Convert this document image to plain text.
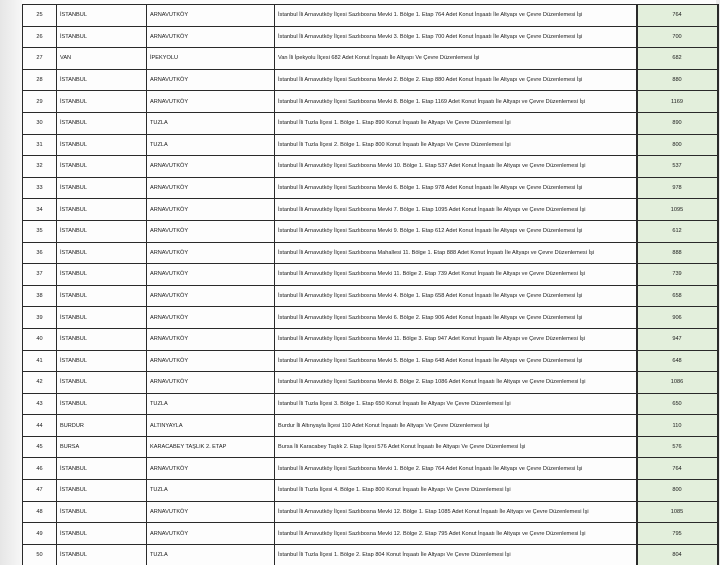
25	İSTANBUL	ARNAVUTKÖY	İstanbul İli Arnavutköy İlçesi Sazlıbosna Mevki 1. Bölge 1. Etap 764 Adet Konut İnşaatı İle Altyapı ve Çevre Düzenlemesi İşi	764
26	İSTANBUL	ARNAVUTKÖY	İstanbul İli Arnavutköy İlçesi Sazlıbosna Mevki 3. Bölge 1. Etap 700 Adet Konut İnşaatı İle Altyapı ve Çevre Düzenlemesi İşi	700
27	VAN	İPEKYOLU	Van İli İpekyolu İlçesi 682 Adet Konut İnşaatı İle Altyapı Ve Çevre Düzenlemesi İşi	682
28	İSTANBUL	ARNAVUTKÖY	İstanbul İli Arnavutköy İlçesi Sazlıbosna Mevki 2. Bölge 2. Etap 880 Adet Konut İnşaatı İle Altyapı ve Çevre Düzenlemesi İşi	880
29	İSTANBUL	ARNAVUTKÖY	İstanbul İli Arnavutköy İlçesi Sazlıbosna Mevki 8. Bölge 1. Etap 1169 Adet Konut İnşaatı İle Altyapı ve Çevre Düzenlemesi İşi	1169
30	İSTANBUL	TUZLA	İstanbul İli Tuzla İlçesi 1. Bölge 1. Etap 890 Konut İnşaatı İle Altyapı Ve Çevre Düzenlemesi İşi	890
31	İSTANBUL	TUZLA	İstanbul İli Tuzla İlçesi 2. Bölge 1. Etap 800 Konut İnşaatı İle Altyapı Ve Çevre Düzenlemesi İşi	800
32	İSTANBUL	ARNAVUTKÖY	İstanbul İli Arnavutköy İlçesi Sazlıbosna Mevki 10. Bölge 1. Etap 537 Adet Konut İnşaatı İle Altyapı ve Çevre Düzenlemesi İşi	537
33	İSTANBUL	ARNAVUTKÖY	İstanbul İli Arnavutköy İlçesi Sazlıbosna Mevki 6. Bölge 1. Etap 978 Adet Konut İnşaatı İle Altyapı ve Çevre Düzenlemesi İşi	978
34	İSTANBUL	ARNAVUTKÖY	İstanbul İli Arnavutköy İlçesi Sazlıbosna Mevki 7. Bölge 1. Etap 1095 Adet Konut İnşaatı İle Altyapı ve Çevre Düzenlemesi İşi	1095
35	İSTANBUL	ARNAVUTKÖY	İstanbul İli Arnavutköy İlçesi Sazlıbosna Mevki 9. Bölge 1. Etap 612 Adet Konut İnşaatı İle Altyapı ve Çevre Düzenlemesi İşi	612
36	İSTANBUL	ARNAVUTKÖY	İstanbul İli Arnavutköy İlçesi Sazlıbosna Mahallesi 11. Bölge 1. Etap 888 Adet Konut İnşaatı İle Altyapı ve Çevre Düzenlemesi İşi	888
37	İSTANBUL	ARNAVUTKÖY	İstanbul İli Arnavutköy İlçesi Sazlıbosna Mevki 11. Bölge 2. Etap 739 Adet Konut İnşaatı İle Altyapı ve Çevre Düzenlemesi İşi	739
38	İSTANBUL	ARNAVUTKÖY	İstanbul İli Arnavutköy İlçesi Sazlıbosna Mevki 4. Bölge 1. Etap 658 Adet Konut İnşaatı İle Altyapı ve Çevre Düzenlemesi İşi	658
39	İSTANBUL	ARNAVUTKÖY	İstanbul İli Arnavutköy İlçesi Sazlıbosna Mevki 6. Bölge 2. Etap 906 Adet Konut İnşaatı İle Altyapı ve Çevre Düzenlemesi İşi	906
40	İSTANBUL	ARNAVUTKÖY	İstanbul İli Arnavutköy İlçesi Sazlıbosna Mevki 11. Bölge 3. Etap 947 Adet Konut İnşaatı İle Altyapı ve Çevre Düzenlemesi İşi	947
41	İSTANBUL	ARNAVUTKÖY	İstanbul İli Arnavutköy İlçesi Sazlıbosna Mevki 5. Bölge 1. Etap 648 Adet Konut İnşaatı İle Altyapı ve Çevre Düzenlemesi İşi	648
42	İSTANBUL	ARNAVUTKÖY	İstanbul İli Arnavutköy İlçesi Sazlıbosna Mevki 8. Bölge 2. Etap 1086 Adet Konut İnşaatı İle Altyapı ve Çevre Düzenlemesi İşi	1086
43	İSTANBUL	TUZLA	İstanbul İli Tuzla İlçesi 3. Bölge 1. Etap 650 Konut İnşaatı İle Altyapı Ve Çevre Düzenlemesi İşi	650
44	BURDUR	ALTINYAYLA	Burdur İli Altınyayla İlçesi 110 Adet Konut İnşaatı İle Altyapı Ve Çevre Düzenlemesi İşi	110
45	BURSA	KARACABEY TAŞLIK 2. ETAP	Bursa İli Karacabey Taşlık 2. Etap İlçesi 576 Adet Konut İnşaatı İle Altyapı Ve Çevre Düzenlemesi İşi	576
46	İSTANBUL	ARNAVUTKÖY	İstanbul İli Arnavutköy İlçesi Sazlıbosna Mevki 1. Bölge 2. Etap 764 Adet Konut İnşaatı İle Altyapı ve Çevre Düzenlemesi İşi	764
47	İSTANBUL	TUZLA	İstanbul İli Tuzla İlçesi 4. Bölge 1. Etap 800 Konut İnşaatı İle Altyapı Ve Çevre Düzenlemesi İşi	800
48	İSTANBUL	ARNAVUTKÖY	İstanbul İli Arnavutköy İlçesi Sazlıbosna Mevki 12. Bölge 1. Etap 1085 Adet Konut İnşaatı İle Altyapı ve Çevre Düzenlemesi İşi	1085
49	İSTANBUL	ARNAVUTKÖY	İstanbul İli Arnavutköy İlçesi Sazlıbosna Mevki 12. Bölge 2. Etap 795 Adet Konut İnşaatı İle Altyapı ve Çevre Düzenlemesi İşi	795
50	İSTANBUL	TUZLA	İstanbul İli Tuzla İlçesi 1. Bölge 2. Etap 804 Konut İnşaatı İle Altyapı Ve Çevre Düzenlemesi İşi	804
